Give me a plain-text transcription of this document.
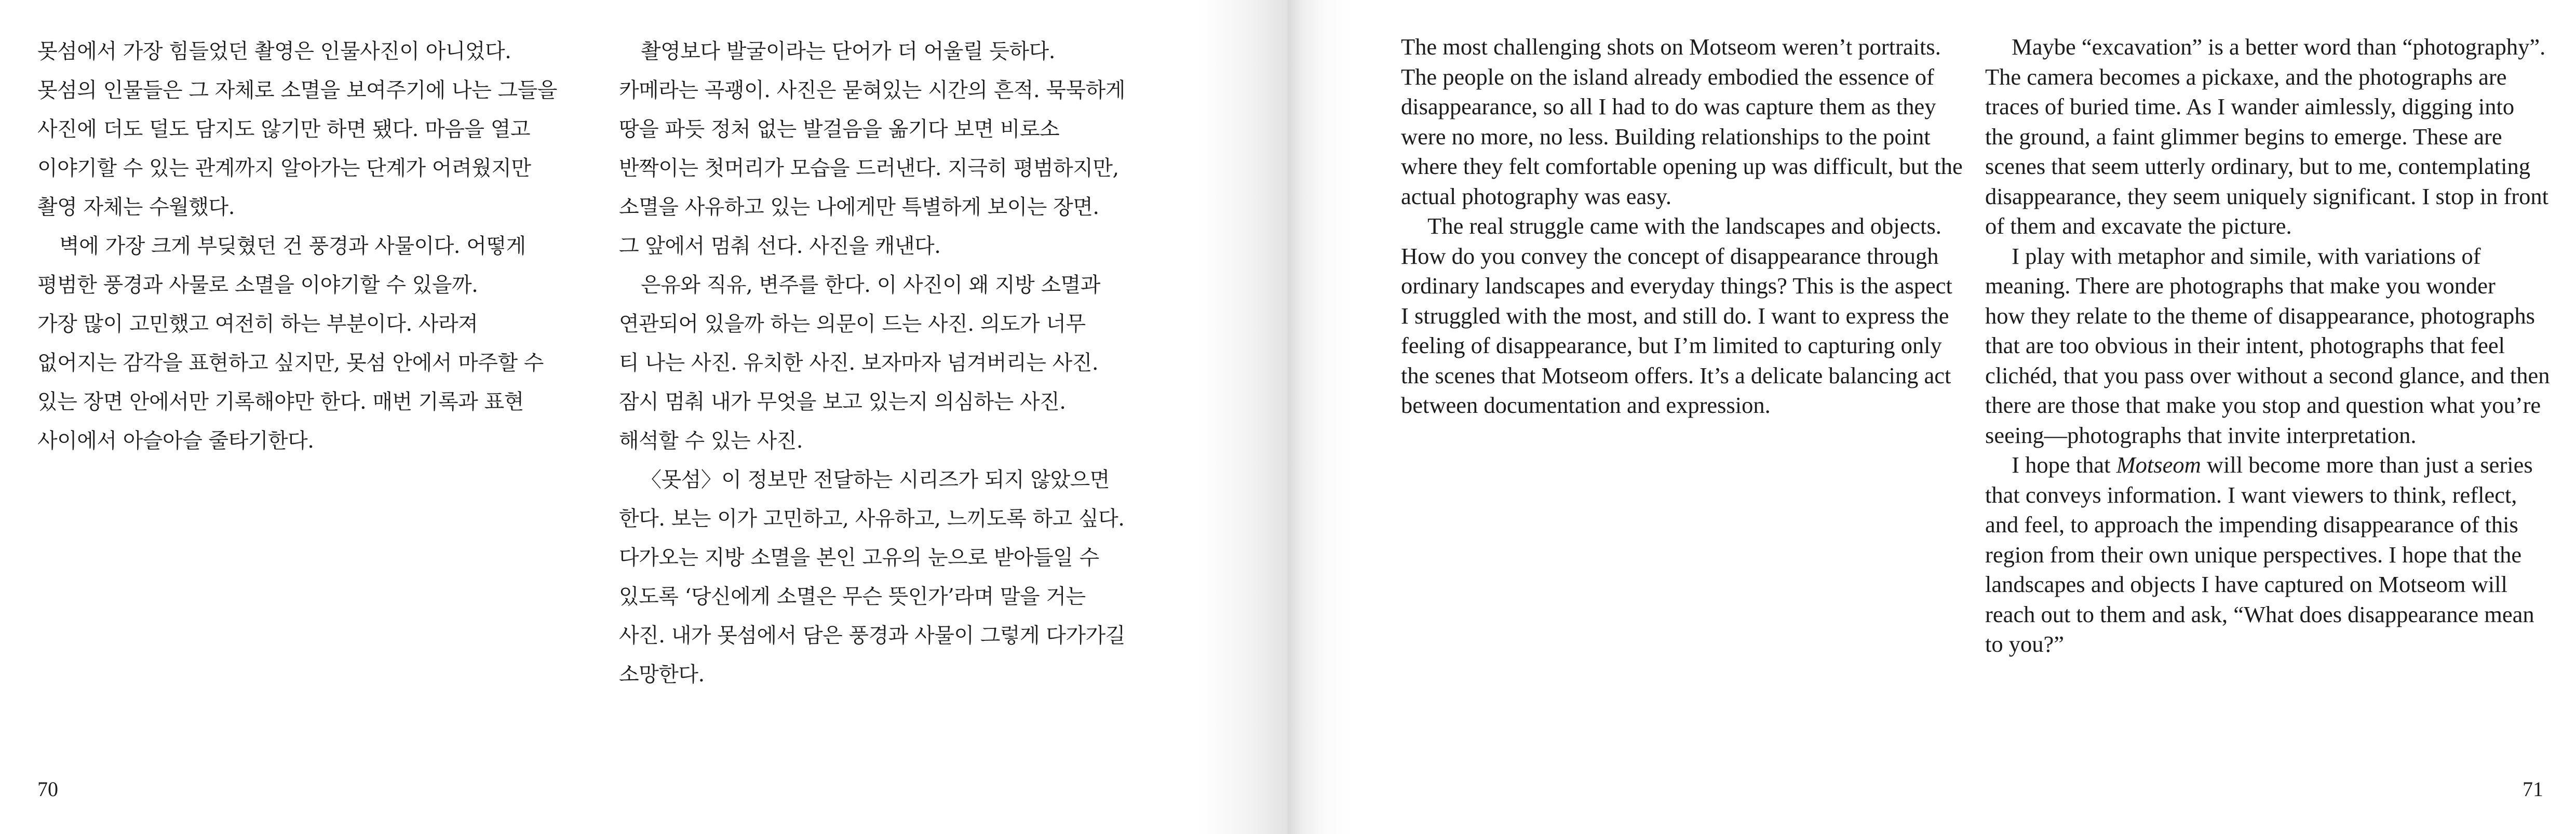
못섬에서 가장 힘들었던 촬영은 인물사진이 아니었다.
못섬의 인물들은 그 자체로 소멸을 보여주기에 나는 그들을
사진에 더도 덜도 담지도 않기만 하면 됐다. 마음을 열고
이야기할 수 있는 관계까지 알아가는 단계가 어려웠지만
촬영 자체는 수월했다.
벽에 가장 크게 부딪혔던 건 풍경과 사물이다. 어떻게
평범한 풍경과 사물로 소멸을 이야기할 수 있을까.
가장 많이 고민했고 여전히 하는 부분이다. 사라져
없어지는 감각을 표현하고 싶지만, 못섬 안에서 마주할 수
있는 장면 안에서만 기록해야만 한다. 매번 기록과 표현
사이에서 아슬아슬 줄타기한다.
촬영보다 발굴이라는 단어가 더 어울릴 듯하다.
카메라는 곡괭이. 사진은 묻혀있는 시간의 흔적. 묵묵하게
땅을 파듯 정처 없는 발걸음을 옮기다 보면 비로소
반짝이는 첫머리가 모습을 드러낸다. 지극히 평범하지만,
소멸을 사유하고 있는 나에게만 특별하게 보이는 장면.
그 앞에서 멈춰 선다. 사진을 캐낸다.
은유와 직유, 변주를 한다. 이 사진이 왜 지방 소멸과
연관되어 있을까 하는 의문이 드는 사진. 의도가 너무
티 나는 사진. 유치한 사진. 보자마자 넘겨버리는 사진.
잠시 멈춰 내가 무엇을 보고 있는지 의심하는 사진.
해석할 수 있는 사진.
〈못섬〉이 정보만 전달하는 시리즈가 되지 않았으면
한다. 보는 이가 고민하고, 사유하고, 느끼도록 하고 싶다.
다가오는 지방 소멸을 본인 고유의 눈으로 받아들일 수
있도록 ‘당신에게 소멸은 무슨 뜻인가’라며 말을 거는
사진. 내가 못섬에서 담은 풍경과 사물이 그렇게 다가가길
소망한다.
70
The most challenging shots on Motseom weren’t portraits.
The people on the island already embodied the essence of
disappearance, so all I had to do was capture them as they
were no more, no less. Building relationships to the point
where they felt comfortable opening up was difficult, but the
actual photography was easy.
The real struggle came with the landscapes and objects.
How do you convey the concept of disappearance through
ordinary landscapes and everyday things? This is the aspect
I struggled with the most, and still do. I want to express the
feeling of disappearance, but I’m limited to capturing only
the scenes that Motseom offers. It’s a delicate balancing act
between documentation and expression.
Maybe “excavation” is a better word than “photography”.
The camera becomes a pickaxe, and the photographs are
traces of buried time. As I wander aimlessly, digging into
the ground, a faint glimmer begins to emerge. These are
scenes that seem utterly ordinary, but to me, contemplating
disappearance, they seem uniquely significant. I stop in front
of them and excavate the picture.
I play with metaphor and simile, with variations of
meaning. There are photographs that make you wonder
how they relate to the theme of disappearance, photographs
that are too obvious in their intent, photographs that feel
clichéd, that you pass over without a second glance, and then
there are those that make you stop and question what you’re
seeing—photographs that invite interpretation.
I hope that Motseom will become more than just a series
that conveys information. I want viewers to think, reflect,
and feel, to approach the impending disappearance of this
region from their own unique perspectives. I hope that the
landscapes and objects I have captured on Motseom will
reach out to them and ask, “What does disappearance mean
to you?”
71
